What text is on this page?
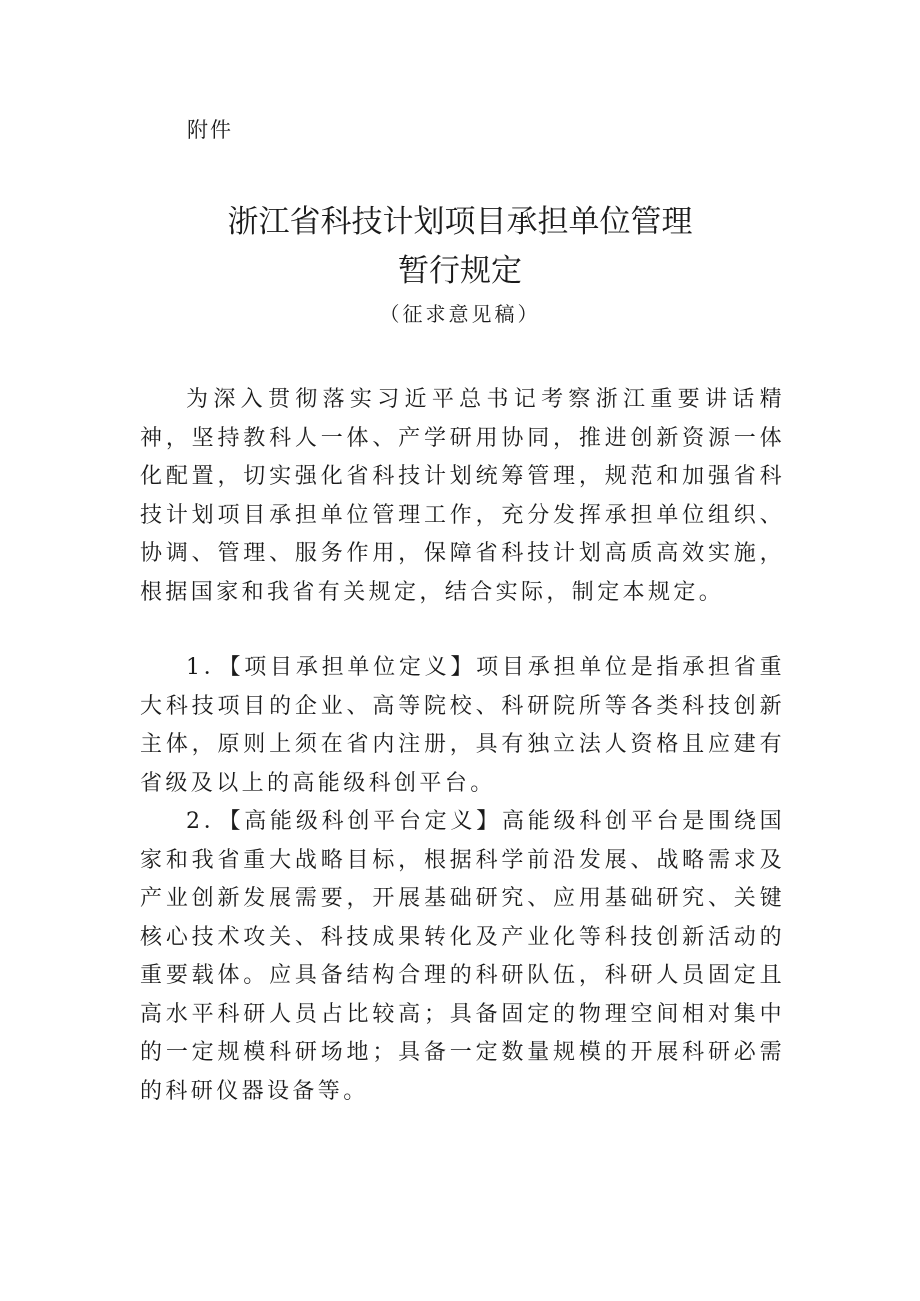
附件
浙江省科技计划项目承担单位管理
暂行规定
（征求意见稿）

为深入贯彻落实习近平总书记考察浙江重要讲话精神，坚持教科人一体、产学研用协同，推进创新资源一体化配置，切实强化省科技计划统筹管理，规范和加强省科技计划项目承担单位管理工作，充分发挥承担单位组织、协调、管理、服务作用，保障省科技计划高质高效实施，根据国家和我省有关规定，结合实际，制定本规定。

1．【项目承担单位定义】项目承担单位是指承担省重大科技项目的企业、高等院校、科研院所等各类科技创新主体，原则上须在省内注册，具有独立法人资格且应建有省级及以上的高能级科创平台。

2．【高能级科创平台定义】高能级科创平台是围绕国家和我省重大战略目标，根据科学前沿发展、战略需求及产业创新发展需要，开展基础研究、应用基础研究、关键核心技术攻关、科技成果转化及产业化等科技创新活动的重要载体。应具备结构合理的科研队伍，科研人员固定且高水平科研人员占比较高；具备固定的物理空间相对集中的一定规模科研场地；具备一定数量规模的开展科研必需的科研仪器设备等。
